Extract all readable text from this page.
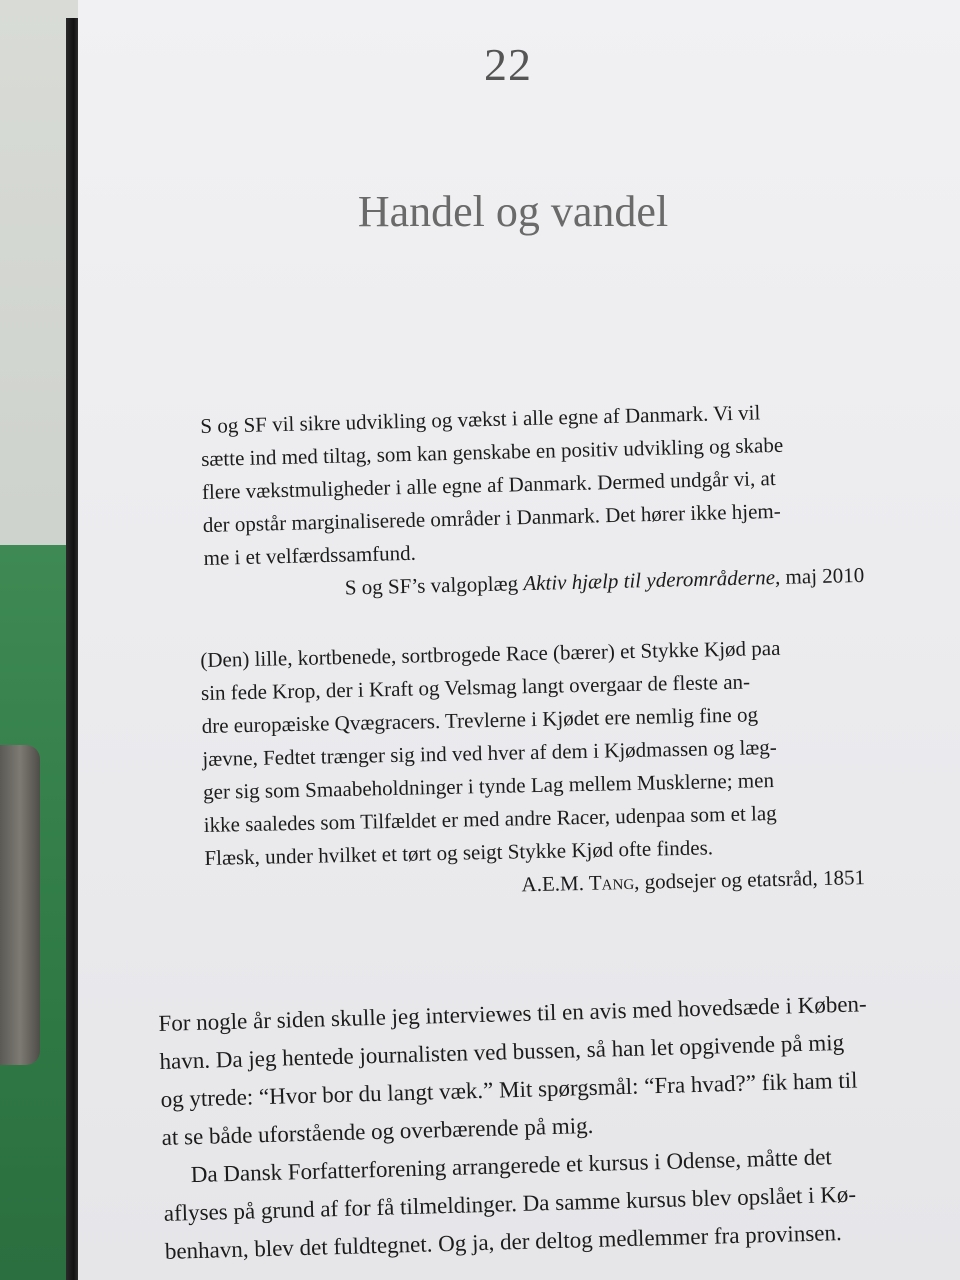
22
Handel og vandel
S og SF vil sikre udvikling og vækst i alle egne af Danmark. Vi vil
sætte ind med tiltag, som kan genskabe en positiv udvikling og skabe
flere vækstmuligheder i alle egne af Danmark. Dermed undgår vi, at
der opstår marginaliserede områder i Danmark. Det hører ikke hjem-
me i et velfærdssamfund.
S og SF’s valgoplæg Aktiv hjælp til yderområderne, maj 2010
(Den) lille, kortbenede, sortbrogede Race (bærer) et Stykke Kjød paa
sin fede Krop, der i Kraft og Velsmag langt overgaar de fleste an-
dre europæiske Qvægracers. Trevlerne i Kjødet ere nemlig fine og
jævne, Fedtet trænger sig ind ved hver af dem i Kjødmassen og læg-
ger sig som Smaabeholdninger i tynde Lag mellem Musklerne; men
ikke saaledes som Tilfældet er med andre Racer, udenpaa som et lag
Flæsk, under hvilket et tørt og seigt Stykke Kjød ofte findes.
A.E.M. Tang, godsejer og etatsråd, 1851
For nogle år siden skulle jeg interviewes til en avis med hovedsæde i Køben-
havn. Da jeg hentede journalisten ved bussen, så han let opgivende på mig
og ytrede: “Hvor bor du langt væk.” Mit spørgsmål: “Fra hvad?” fik ham til
at se både uforstående og overbærende på mig.
Da Dansk Forfatterforening arrangerede et kursus i Odense, måtte det
aflyses på grund af for få tilmeldinger. Da samme kursus blev opslået i Kø-
benhavn, blev det fuldtegnet. Og ja, der deltog medlemmer fra provinsen.
